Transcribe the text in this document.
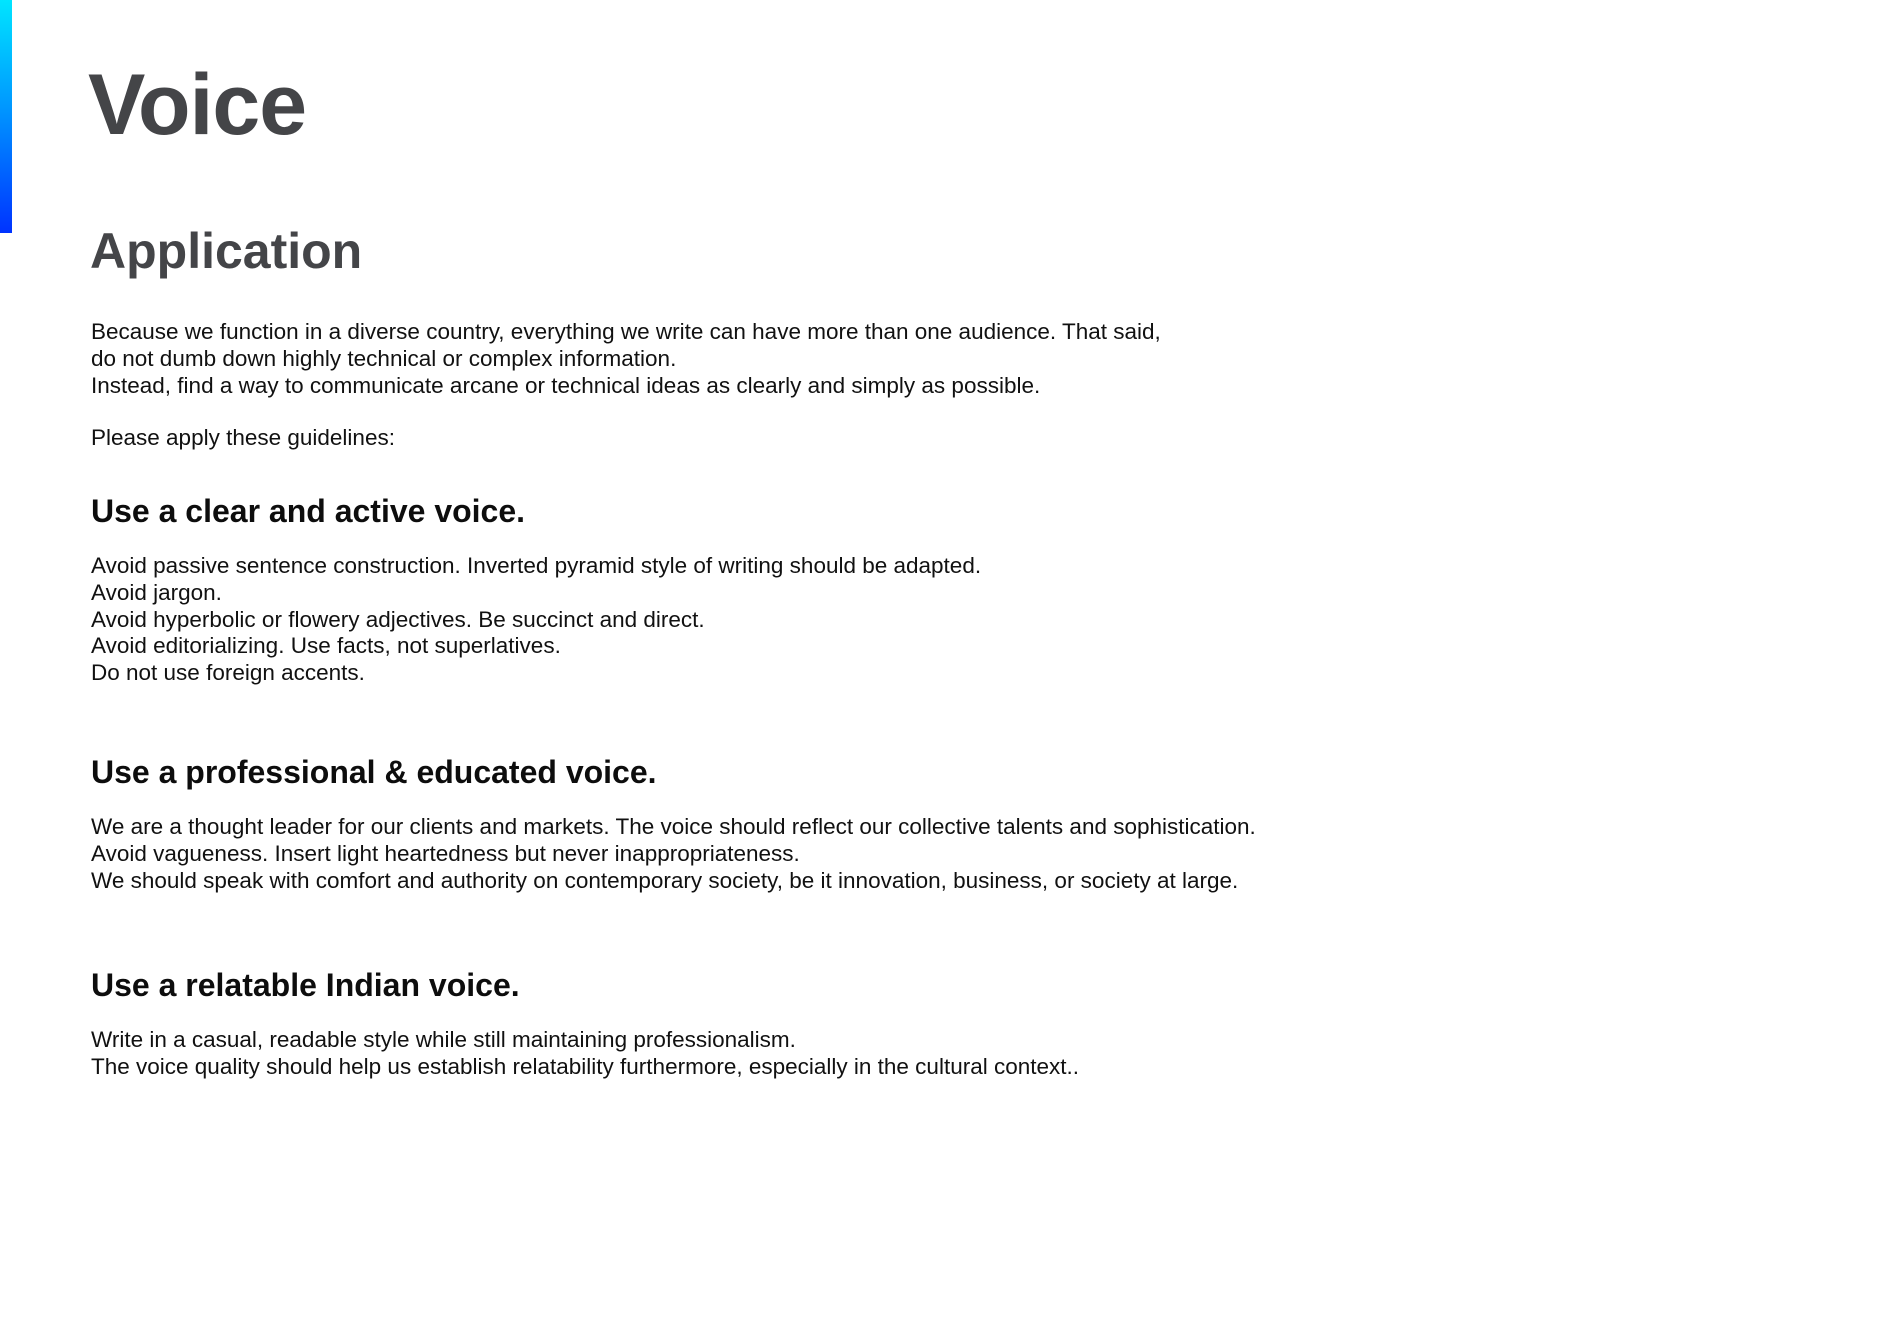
Voice
Application
Because we function in a diverse country, everything we write can have more than one audience. That said,
do not dumb down highly technical or complex information.
Instead, find a way to communicate arcane or technical ideas as clearly and simply as possible.
Please apply these guidelines:
Use a clear and active voice.
Avoid passive sentence construction. Inverted pyramid style of writing should be adapted.
Avoid jargon.
Avoid hyperbolic or flowery adjectives. Be succinct and direct.
Avoid editorializing. Use facts, not superlatives.
Do not use foreign accents.
Use a professional & educated voice.
We are a thought leader for our clients and markets. The voice should reflect our collective talents and sophistication.
Avoid vagueness. Insert light heartedness but never inappropriateness.
We should speak with comfort and authority on contemporary society, be it innovation, business, or society at large.
Use a relatable Indian voice.
Write in a casual, readable style while still maintaining professionalism.
The voice quality should help us establish relatability furthermore, especially in the cultural context..
